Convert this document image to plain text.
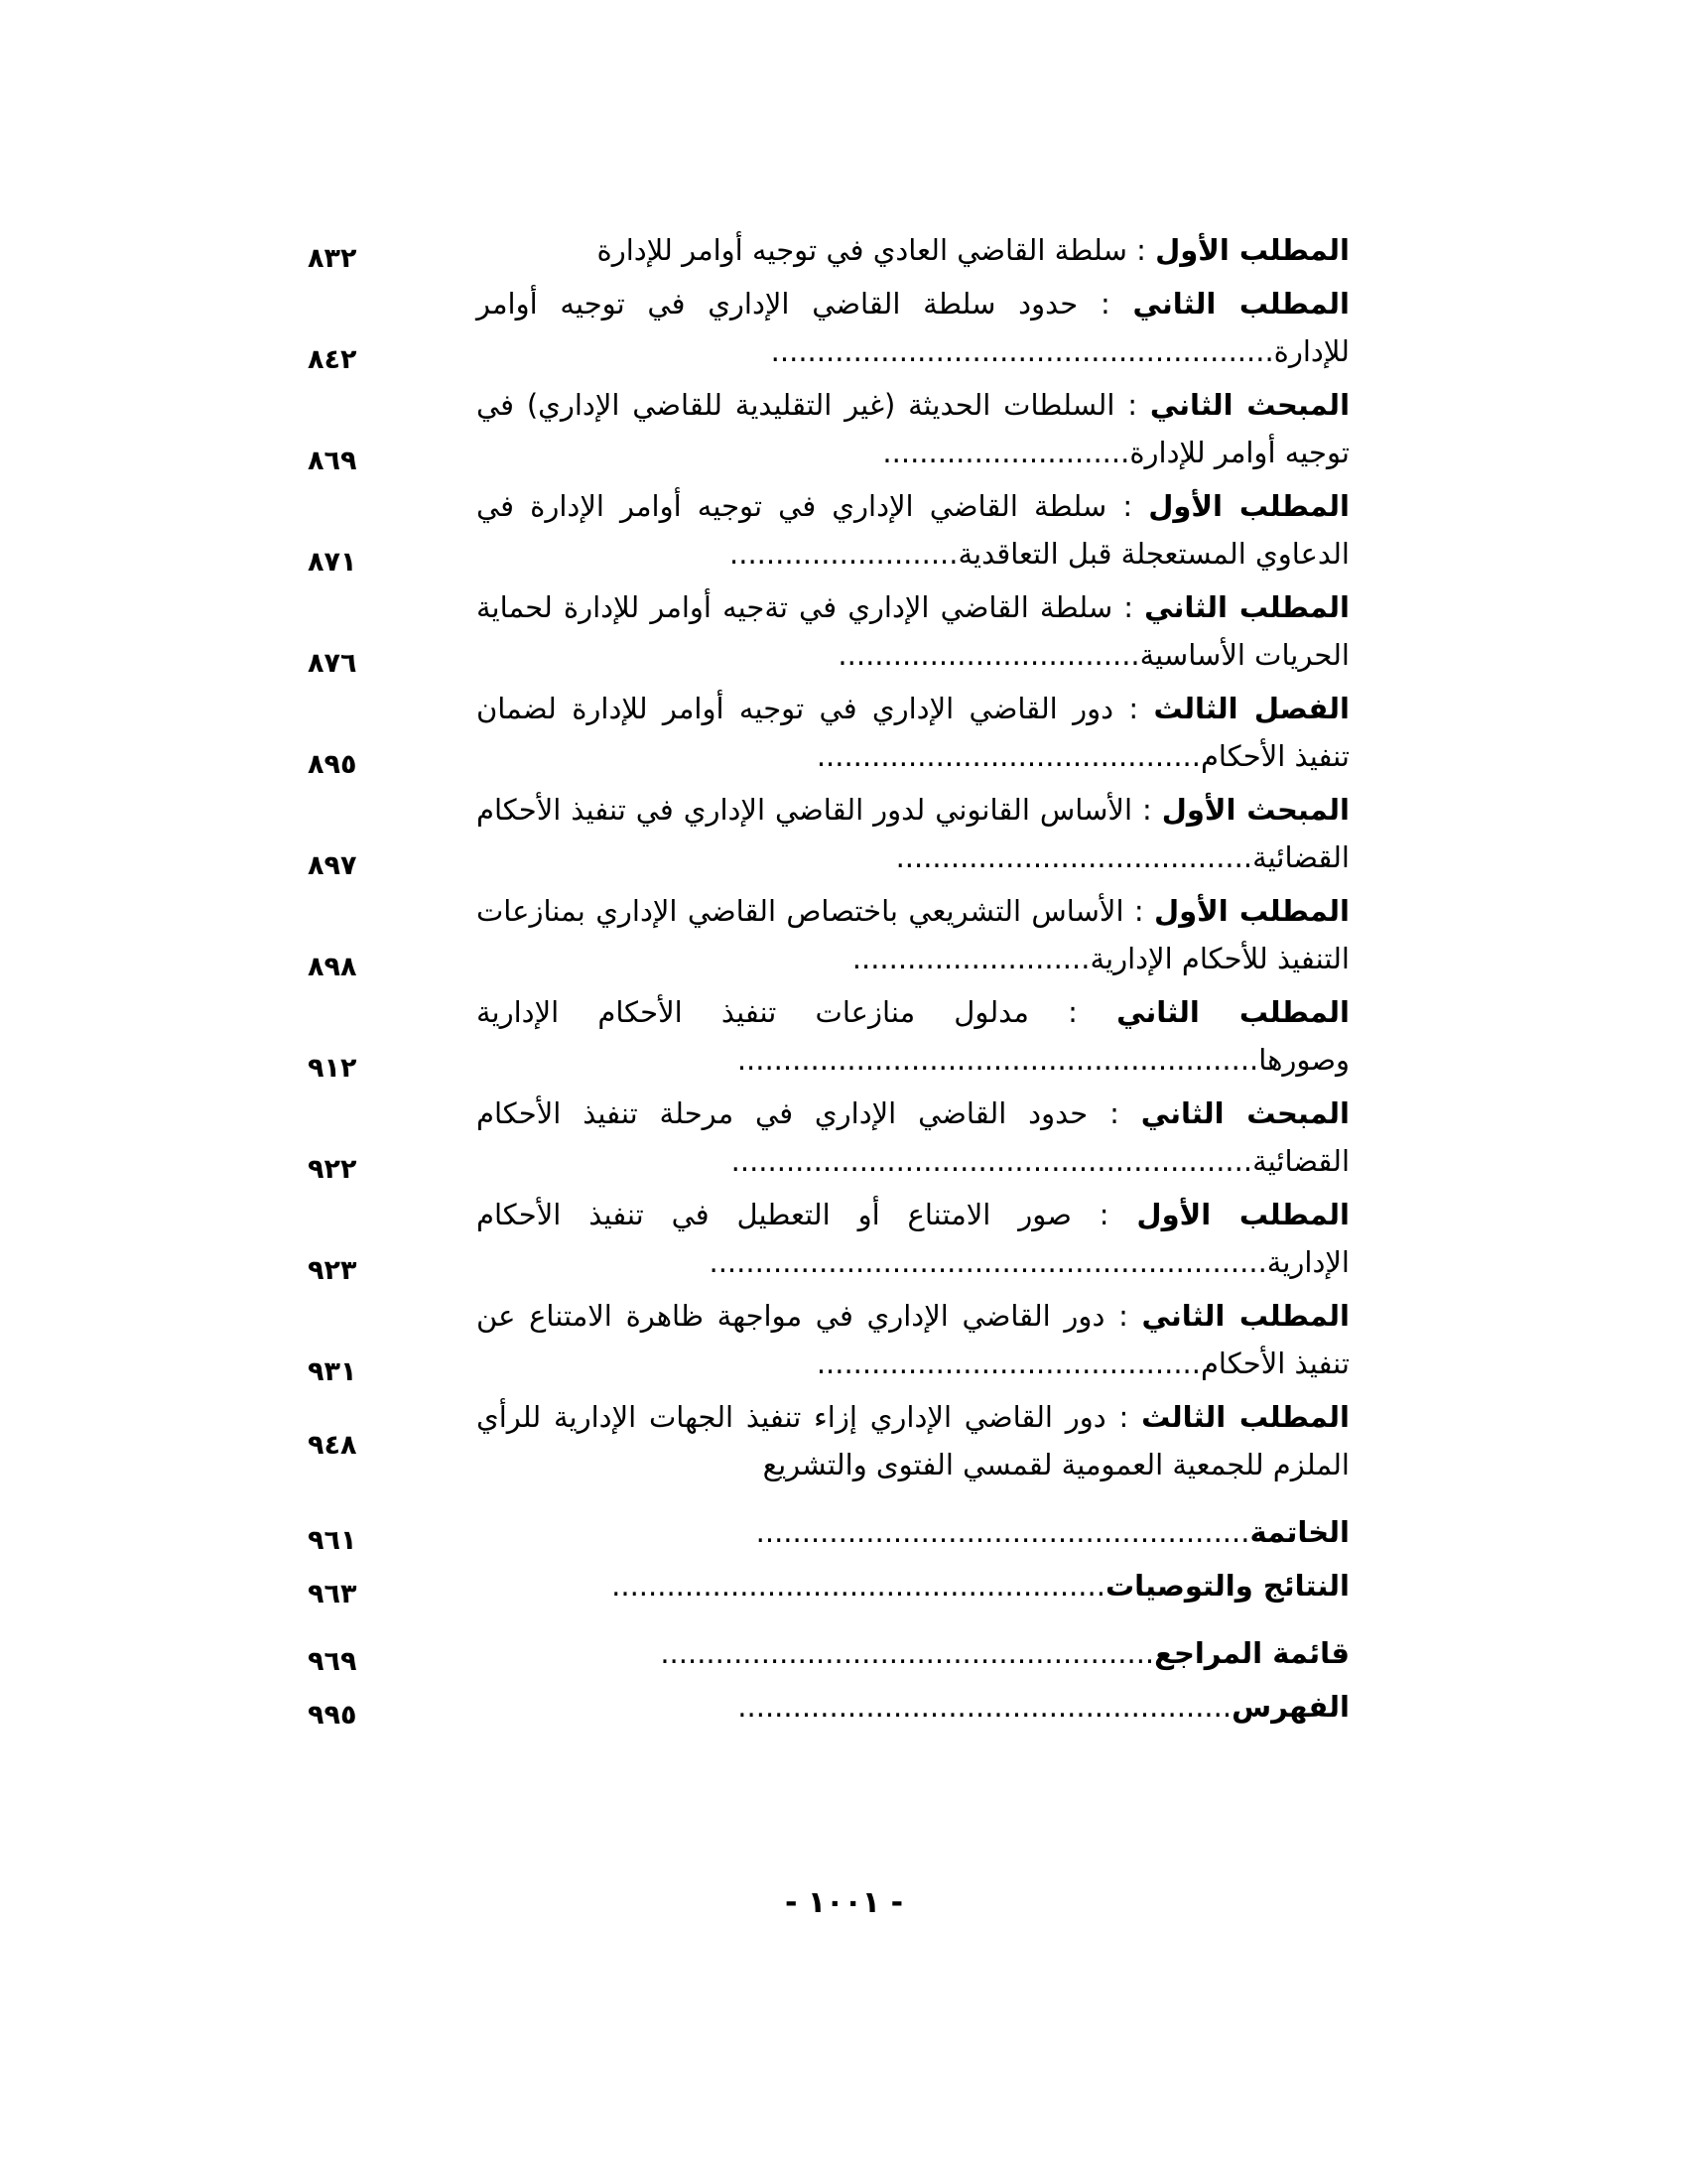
المطلب الأول : سلطة القاضي العادي في توجيه أوامر للإدارة
٨٣٢
المطلب الثاني : حدود سلطة القاضي الإداري في توجيه أوامر للإدارة.......................................................
٨٤٢
المبحث الثاني : السلطات الحديثة (غير التقليدية للقاضي الإداري) في توجيه أوامر للإدارة...........................
٨٦٩
المطلب الأول : سلطة القاضي الإداري في توجيه أوامر الإدارة في الدعاوي المستعجلة قبل التعاقدية.........................
٨٧١
المطلب الثاني : سلطة القاضي الإداري في تةجيه أوامر للإدارة لحماية الحريات الأساسية.................................
٨٧٦
الفصل الثالث : دور القاضي الإداري في توجيه أوامر للإدارة لضمان تنفيذ الأحكام..........................................
٨٩٥
المبحث الأول : الأساس القانوني لدور القاضي الإداري في تنفيذ الأحكام القضائية.......................................
٨٩٧
المطلب الأول : الأساس التشريعي باختصاص القاضي الإداري بمنازعات التنفيذ للأحكام الإدارية..........................
٨٩٨
المطلب الثاني : مدلول منازعات تنفيذ الأحكام الإدارية وصورها.........................................................
٩١٢
المبحث الثاني : حدود القاضي الإداري في مرحلة تنفيذ الأحكام القضائية.........................................................
٩٢٢
المطلب الأول : صور الامتناع أو التعطيل في تنفيذ الأحكام الإدارية.............................................................
٩٢٣
المطلب الثاني : دور القاضي الإداري في مواجهة ظاهرة الامتناع عن تنفيذ الأحكام..........................................
٩٣١
المطلب الثالث : دور القاضي الإداري إزاء تنفيذ الجهات الإدارية للرأي الملزم للجمعية العمومية لقمسي الفتوى والتشريع
٩٤٨
الخاتمة......................................................
٩٦١
النتائج والتوصيات......................................................
٩٦٣
قائمة المراجع......................................................
٩٦٩
الفهرس......................................................
٩٩٥
- ١٠٠١ -
